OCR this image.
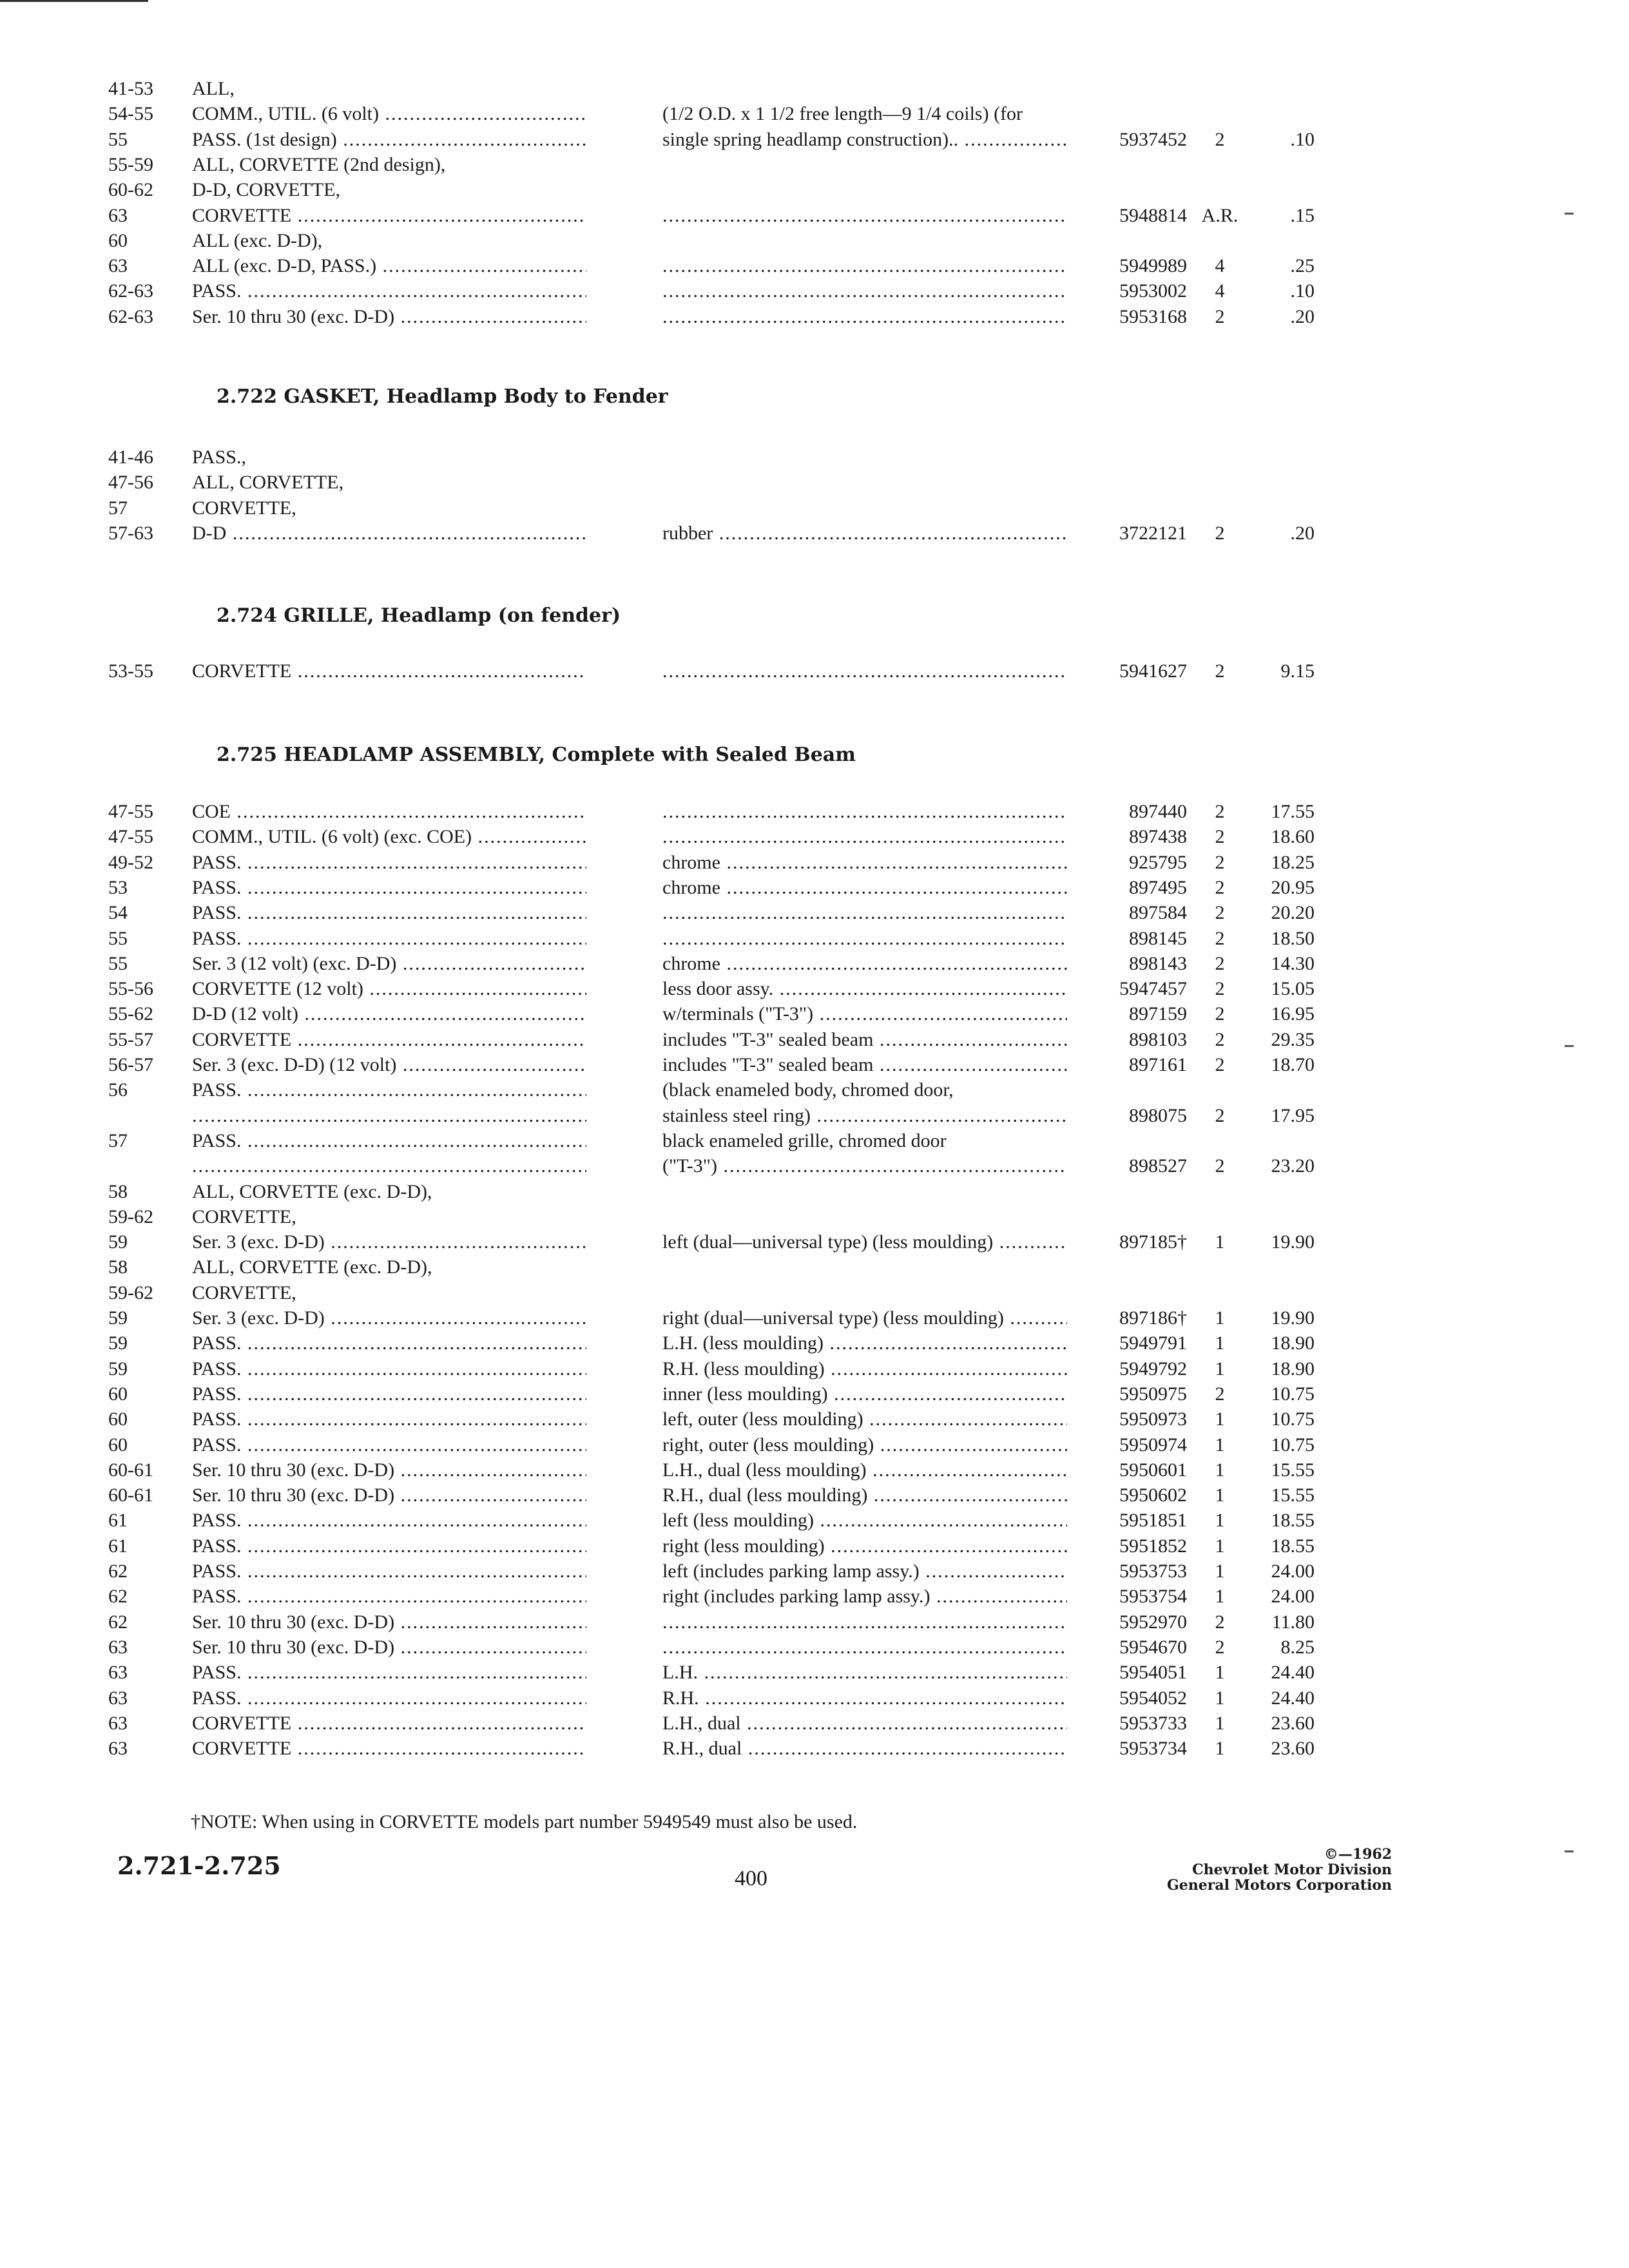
41-53 ALL,
54-55 COMM., UTIL. (6 volt) .....	(1/2 O.D. x 1 1/2 free length—9 1/4 coils) (for
55	PASS. (1st design) .....	single spring headlamp construction).. .....	5937452	2	.10
55-59 ALL, CORVETTE (2nd design),
60-62 D-D, CORVETTE,
63	CORVETTE ..... .....	5948814 A.R.	.15
60	ALL (exc. D-D),
63	ALL (exc. D-D, PASS.) ..... .....	5949989	4	.25
62-63 PASS. ..... .....	5953002	4	.10
62-63 Ser. 10 thru 30 (exc. D-D) ..... .....	5953168	2	.20
2.722 GASKET, Headlamp Body to Fender
41-46 PASS.,
47-56 ALL, CORVETTE,
57	CORVETTE,
57-63 D-D .....	rubber .....	3722121	2	.20
2.724 GRILLE, Headlamp (on fender)
53-55 CORVETTE ..... .....	5941627	2	9.15
2.725 HEADLAMP ASSEMBLY, Complete with Sealed Beam
47-55 COE ..... .....	897440	2	17.55
47-55 COMM., UTIL. (6 volt) (exc. COE) ..... .....	897438	2	18.60
49-52 PASS. .....	chrome .....	925795	2	18.25
53	PASS. .....	chrome .....	897495	2	20.95
54	PASS. ..... .....	897584	2	20.20
55	PASS. ..... .....	898145	2	18.50
55	Ser. 3 (12 volt) (exc. D-D) .....	chrome .....	898143	2	14.30
55-56 CORVETTE (12 volt) .....	less door assy. .....	5947457	2	15.05
55-62 D-D (12 volt) .....	w/terminals ("T-3") .....	897159	2	16.95
55-57 CORVETTE .....	includes "T-3" sealed beam .....	898103	2	29.35
56-57 Ser. 3 (exc. D-D) (12 volt) .....	includes "T-3" sealed beam .....	897161	2	18.70
56	PASS. .....	(black enameled body, chromed door,
.....
stainless steel ring) .....	898075	2	17.95
57	PASS. .....	black enameled grille, chromed door
.....
("T-3") .....	898527	2	23.20
58	ALL, CORVETTE (exc. D-D),
59-62 CORVETTE,
59	Ser. 3 (exc. D-D) .....	left (dual—universal type) (less moulding) .....	897185†	1	19.90
58	ALL, CORVETTE (exc. D-D),
59-62 CORVETTE,
59	Ser. 3 (exc. D-D) .....	right (dual—universal type) (less moulding) .....	897186†	1	19.90
59	PASS. .....	L.H. (less moulding) .....	5949791	1	18.90
59	PASS. .....	R.H. (less moulding) .....	5949792	1	18.90
60	PASS. .....	inner (less moulding) .....	5950975	2	10.75
60	PASS. .....	left, outer (less moulding) .....	5950973	1	10.75
60	PASS. .....	right, outer (less moulding) .....	5950974	1	10.75
60-61 Ser. 10 thru 30 (exc. D-D) .....	L.H., dual (less moulding) .....	5950601	1	15.55
60-61 Ser. 10 thru 30 (exc. D-D) .....	R.H., dual (less moulding) .....	5950602	1	15.55
61	PASS. .....	left (less moulding) .....	5951851	1	18.55
61	PASS. .....	right (less moulding) .....	5951852	1	18.55
62	PASS. .....	left (includes parking lamp assy.) .....	5953753	1	24.00
62	PASS. .....	right (includes parking lamp assy.) .....	5953754	1	24.00
62	Ser. 10 thru 30 (exc. D-D) ..... .....	5952970	2	11.80
63	Ser. 10 thru 30 (exc. D-D) ..... .....	5954670	2	8.25
63	PASS. .....	L.H. .....	5954051	1	24.40
63	PASS. .....	R.H. .....	5954052	1	24.40
63	CORVETTE .....	L.H., dual .....	5953733	1	23.60
63	CORVETTE .....	R.H., dual .....	5953734	1	23.60
†NOTE: When using in CORVETTE models part number 5949549 must also be used.
2.721-2.725	400
©—1962
Chevrolet Motor Division
General Motors Corporation
